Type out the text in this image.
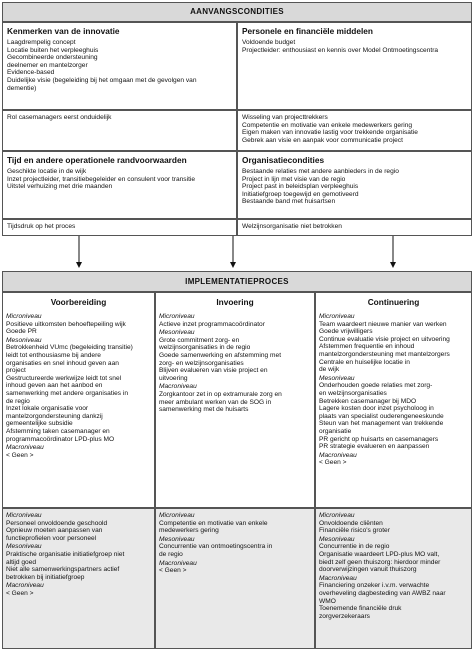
AANVANGSCONDITIES
Kenmerken van de innovatie
Laagdrempelig concept
Locatie buiten het verpleeghuis
Gecombineerde ondersteuning
deelnemer en mantelzorger
Evidence-based
Duidelijke visie (begeleiding bij het omgaan met de gevolgen van
dementie)
Rol casemanagers eerst onduidelijk
Personele en financiële middelen
Voldoende budget
Projectleider: enthousiast en kennis over Model Ontmoetingscentra
Wisseling van projecttrekkers
Competentie en motivatie van enkele medewerkers gering
Eigen maken van innovatie lastig voor trekkende organisatie
Gebrek aan visie en aanpak voor communicatie project
Tijd en andere operationele randvoorwaarden
Geschikte locatie in de wijk
Inzet projectleider, transitiebegeleider en consulent voor transitie
Uitstel verhuizing met drie maanden
Tijdsdruk op het proces
Organisatiecondities
Bestaande relaties met andere aanbieders in de regio
Project in lijn met visie van de regio
Project past in beleidsplan verpleeghuis
Initiatiefgroep toegewijd en gemotiveerd
Bestaande band met huisartsen
Welzijnsorganisatie niet betrokken
IMPLEMENTATIEPROCES
Microniveau
Positieve uitkomsten behoeftepeiling wijk
Goede PR
Mesoniveau
Betrokkenheid VUmc (begeleiding transitie)
leidt tot enthousiasme bij andere
organisaties en snel inhoud geven aan
project
Gestructureerde werkwijze leidt tot snel
inhoud geven aan het aanbod en
samenwerking met andere organisaties in
de regio
Inzet lokale organisatie voor
mantelzorgondersteuning dankzij
gemeentelijke subsidie
Afstemming taken casemanager en
programmacoördinator LPD-plus MO
Macroniveau
< Geen >
Microniveau
Actieve inzet programmacoördinator
Mesoniveau
Grote commitment zorg- en
welzijnsorganisaties in de regio
Goede samenwerking en afstemming met
zorg- en welzijnsorganisaties
Blijven evalueren van visie project en
uitvoering
Macroniveau
Zorgkantoor zet in op extramurale zorg en
meer ambulant werken van de SOG in
samenwerking met de huisarts
Microniveau
Team waardeert nieuwe manier van werken
Goede vrijwilligers
Continue evaluatie visie project en uitvoering
Afstemmen frequentie en inhoud
mantelzorgondersteuning met mantelzorgers
Centrale en huiselijke locatie in
de wijk
Mesoniveau
Onderhouden goede relaties met zorg-
en welzijnsorganisaties
Betrekken casemanager bij MDO
Lagere kosten door inzet psycholoog in
plaats van specialist ouderengeneeskunde
Steun van het management van trekkende
organisatie
PR gericht op huisarts en casemanagers
PR strategie evalueren en aanpassen
Macroniveau
< Geen >
Microniveau
Personeel onvoldoende geschoold
Opnieuw moeten aanpassen van
functieprofielen voor personeel
Mesoniveau
Praktische organisatie initiatiefgroep niet
altijd goed
Niet alle samenwerkingspartners actief
betrokken bij initiatiefgroep
Macroniveau
< Geen >
Microniveau
Competentie en motivatie van enkele
medewerkers gering
Mesoniveau
Concurrentie van ontmoetingscentra in
de regio
Macroniveau
< Geen >
Microniveau
Onvoldoende cliënten
Financiële risico's groter
Mesoniveau
Concurrentie in de regio
Organisatie waardeert LPD-plus MO valt,
biedt zelf geen thuiszorg: hierdoor minder
doorverwijzingen vanuit thuiszorg
Macroniveau
Financiering onzeker i.v.m. verwachte
overheveling dagbesteding van AWBZ naar
WMO
Toenemende financiële druk
zorgverzekeraars
Voorbereiding	Invoering	Continuering
